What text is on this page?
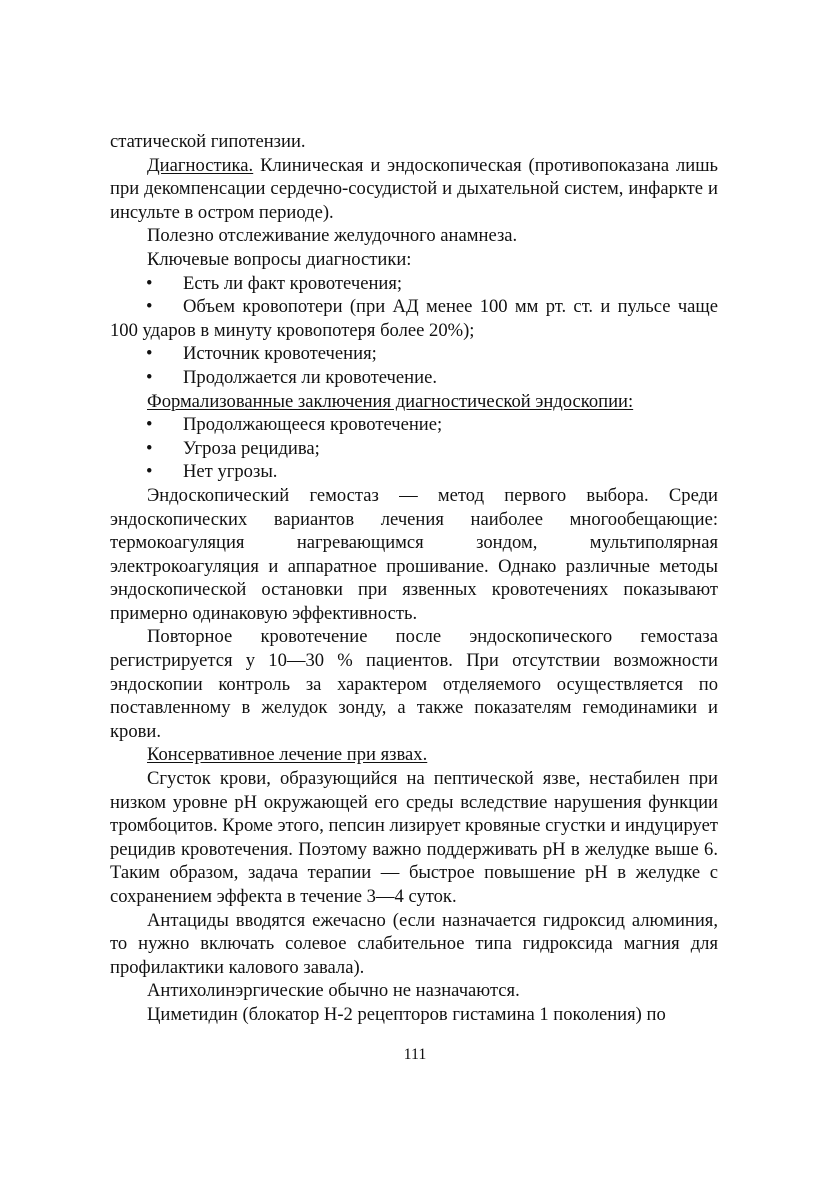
статической гипотензии.

Диагностика. Клиническая и эндоскопическая (противопоказана лишь при декомпенсации сердечно-сосудистой и дыхательной систем, инфаркте и инсульте в остром периоде).

Полезно отслеживание желудочного анамнеза.

Ключевые вопросы диагностики:

• Есть ли факт кровотечения;

• Объем кровопотери (при АД менее 100 мм рт. ст. и пульсе чаще 100 ударов в минуту кровопотеря более 20%);

• Источник кровотечения;

• Продолжается ли кровотечение.

Формализованные заключения диагностической эндоскопии:

• Продолжающееся кровотечение;

• Угроза рецидива;

• Нет угрозы.

Эндоскопический гемостаз — метод первого выбора. Среди эндоскопических вариантов лечения наиболее многообещающие: термокоагуляция нагревающимся зондом, мультиполярная электрокоагуляция и аппаратное прошивание. Однако различные методы эндоскопической остановки при язвенных кровотечениях показывают примерно одинаковую эффективность.

Повторное кровотечение после эндоскопического гемостаза регистрируется у 10—30 % пациентов. При отсутствии возможности эндоскопии контроль за характером отделяемого осуществляется по поставленному в желудок зонду, а также показателям гемодинамики и крови.

Консервативное лечение при язвах.

Сгусток крови, образующийся на пептической язве, нестабилен при низком уровне pH окружающей его среды вследствие нарушения функции тромбоцитов. Кроме этого, пепсин лизирует кровяные сгустки и индуцирует рецидив кровотечения. Поэтому важно поддерживать pH в желудке выше 6. Таким образом, задача терапии — быстрое повышение pH в желудке с сохранением эффекта в течение 3—4 суток.

Антациды вводятся ежечасно (если назначается гидроксид алюминия, то нужно включать солевое слабительное типа гидроксида магния для профилактики калового завала).

Антихолинэргические обычно не назначаются.

Циметидин (блокатор Н-2 рецепторов гистамина 1 поколения) по

111
